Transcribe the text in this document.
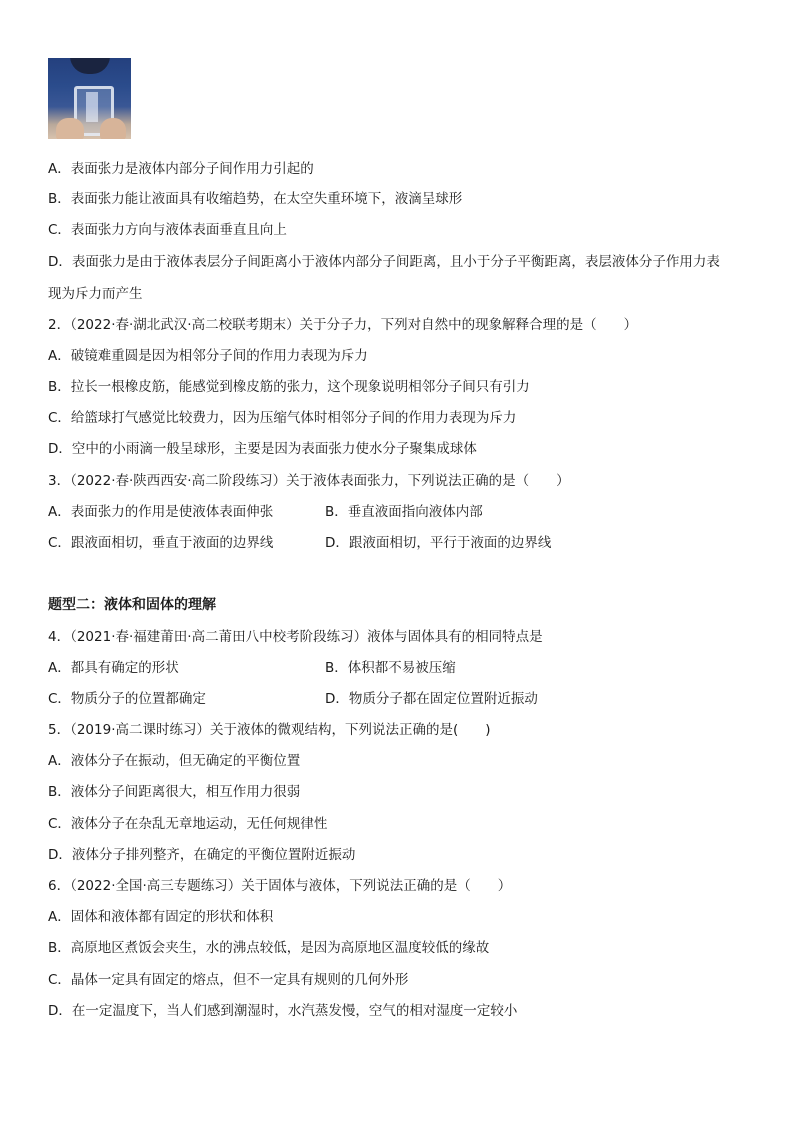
A．表面张力是液体内部分子间作用力引起的
B．表面张力能让液面具有收缩趋势，在太空失重环境下，液滴呈球形
C．表面张力方向与液体表面垂直且向上
D．表面张力是由于液体表层分子间距离小于液体内部分子间距离，且小于分子平衡距离，表层液体分子作用力表
现为斥力而产生
2．（2022·春·湖北武汉·高二校联考期末）关于分子力，下列对自然中的现象解释合理的是（　　）
A．破镜难重圆是因为相邻分子间的作用力表现为斥力
B．拉长一根橡皮筋，能感觉到橡皮筋的张力，这个现象说明相邻分子间只有引力
C．给篮球打气感觉比较费力，因为压缩气体时相邻分子间的作用力表现为斥力
D．空中的小雨滴一般呈球形，主要是因为表面张力使水分子聚集成球体
3．（2022·春·陕西西安·高二阶段练习）关于液体表面张力，下列说法正确的是（　　）
A．表面张力的作用是使液体表面伸张	B．垂直液面指向液体内部
C．跟液面相切，垂直于液面的边界线	D．跟液面相切，平行于液面的边界线
题型二：液体和固体的理解
4．（2021·春·福建莆田·高二莆田八中校考阶段练习）液体与固体具有的相同特点是
A．都具有确定的形状	B．体积都不易被压缩
C．物质分子的位置都确定	D．物质分子都在固定位置附近振动
5．（2019·高二课时练习）关于液体的微观结构，下列说法正确的是(　　)
A．液体分子在振动，但无确定的平衡位置
B．液体分子间距离很大，相互作用力很弱
C．液体分子在杂乱无章地运动，无任何规律性
D．液体分子排列整齐，在确定的平衡位置附近振动
6．（2022·全国·高三专题练习）关于固体与液体，下列说法正确的是（　　）
A．固体和液体都有固定的形状和体积
B．高原地区煮饭会夹生，水的沸点较低，是因为高原地区温度较低的缘故
C．晶体一定具有固定的熔点，但不一定具有规则的几何外形
D．在一定温度下，当人们感到潮湿时，水汽蒸发慢，空气的相对湿度一定较小
